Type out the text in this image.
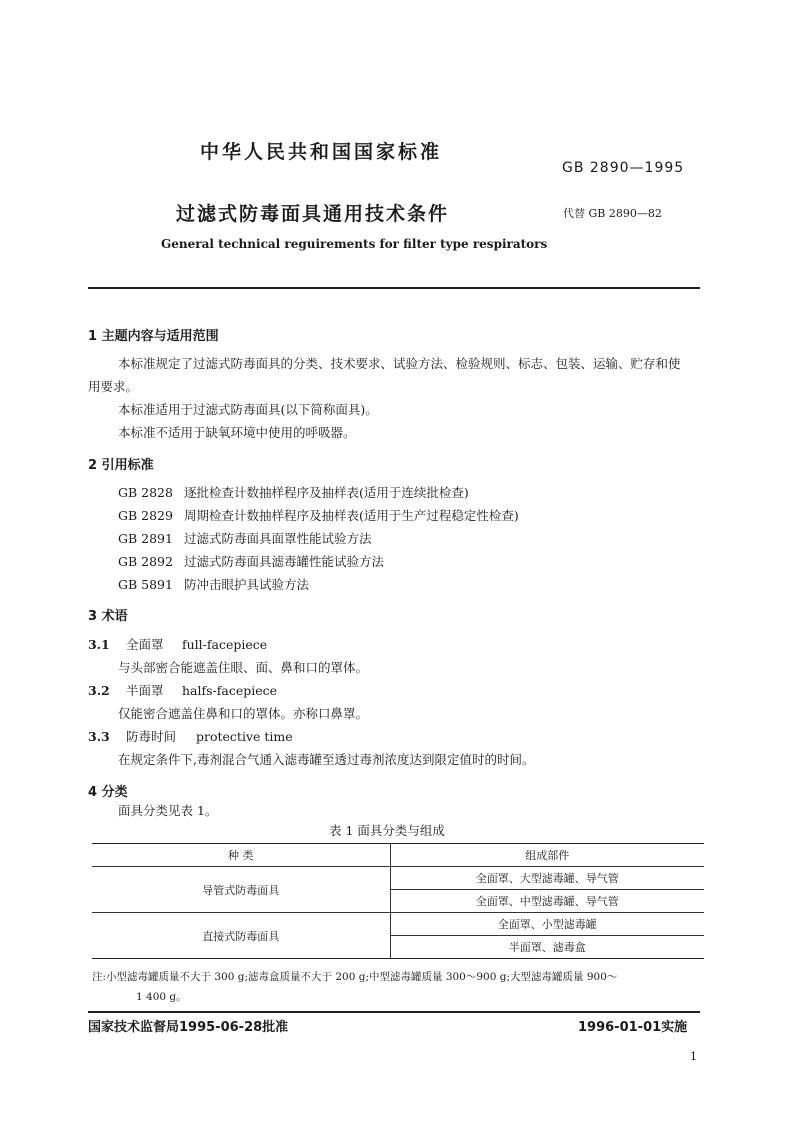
中华人民共和国国家标准
GB 2890—1995
过滤式防毒面具通用技术条件	代替 GB 2890—82
General technical reguirements for filter type respirators
1 主题内容与适用范围
本标准规定了过滤式防毒面具的分类、技术要求、试验方法、检验规则、标志、包装、运输、贮存和使
用要求。
本标准适用于过滤式防毒面具(以下简称面具)。
本标准不适用于缺氧环境中使用的呼吸器。
2 引用标准
GB 2828 逐批检查计数抽样程序及抽样表(适用于连续批检查)
GB 2829 周期检查计数抽样程序及抽样表(适用于生产过程稳定性检查)
GB 2891 过滤式防毒面具面罩性能试验方法
GB 2892 过滤式防毒面具滤毒罐性能试验方法
GB 5891 防冲击眼护具试验方法
3 术语
3.1 全面罩 full-facepiece
与头部密合能遮盖住眼、面、鼻和口的罩体。
3.2 半面罩 halfs-facepiece
仅能密合遮盖住鼻和口的罩体。亦称口鼻罩。
3.3 防毒时间 protective time
在规定条件下,毒剂混合气通入滤毒罐至透过毒剂浓度达到限定值时的时间。
4 分类
面具分类见表 1。
表 1 面具分类与组成
种 类	组成部件
导管式防毒面具	全面罩、大型滤毒罐、导气管
	全面罩、中型滤毒罐、导气管
直接式防毒面具	全面罩、小型滤毒罐
	半面罩、滤毒盒
注:小型滤毒罐质量不大于 300 g;滤毒盒质量不大于 200 g;中型滤毒罐质量 300～900 g;大型滤毒罐质量 900～
1 400 g。
国家技术监督局1995-06-28批准	1996-01-01实施
1
